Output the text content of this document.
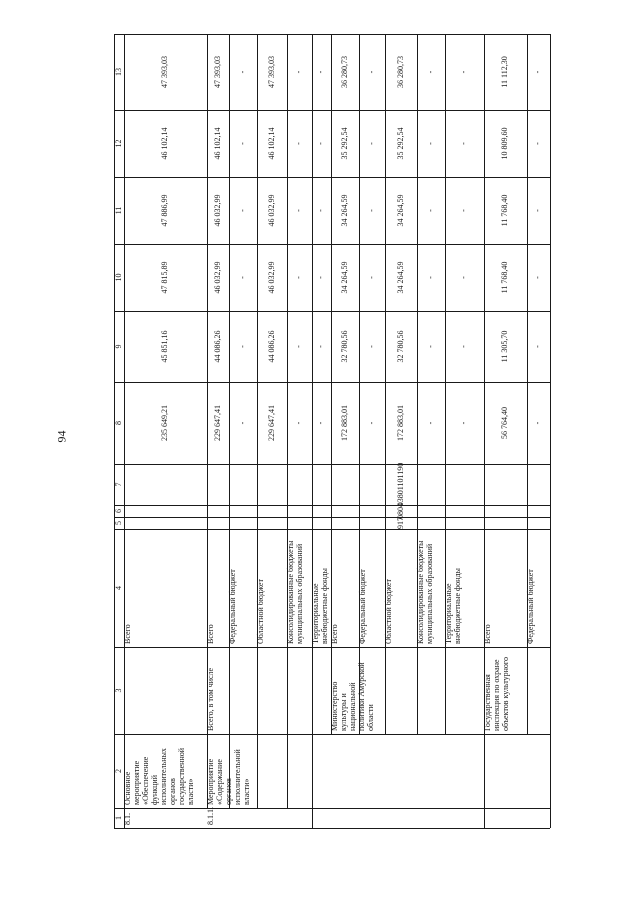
94
1
2
3
4
5
6
7
8
9
10
11
12
13
8.1.
Основное мероприятие «Обеспечение функций исполнительных органов государственной власти»
Всего
235 649,21
45 851,16
47 815,89
47 886,99
46 102,14
47 393,03
8.1.1.
Мероприятие «Содержание органов исполнительной власти»
Всего, в том числе
Всего
229 647,41
44 086,26
46 032,99
46 032,99
46 102,14
47 393,03
Федеральный бюджет
-
-
-
-
-
-
Областной бюджет
229 647,41
44 086,26
46 032,99
46 032,99
46 102,14
47 393,03
Консолидированные бюджеты муниципальных образований
-
-
-
-
-
-
Территориальные внебюджетные фонды
-
-
-
-
-
-
Министерство культуры и национальной политики Амурской области
Всего
172 883,01
32 780,56
34 264,59
34 264,59
35 292,54
36 280,73
Федеральный бюджет
-
-
-
-
-
-
Областной бюджет
917
0804
03801101190
172 883,01
32 780,56
34 264,59
34 264,59
35 292,54
36 280,73
Консолидированные бюджеты муниципальных образований
-
-
-
-
-
-
Территориальные внебюджетные фонды
-
-
-
-
-
-
Государственная инспекция по охране объектов культурного
Всего
56 764,40
11 305,70
11 768,40
11 768,40
10 809,60
11 112,30
Федеральный бюджет
-
-
-
-
-
-
